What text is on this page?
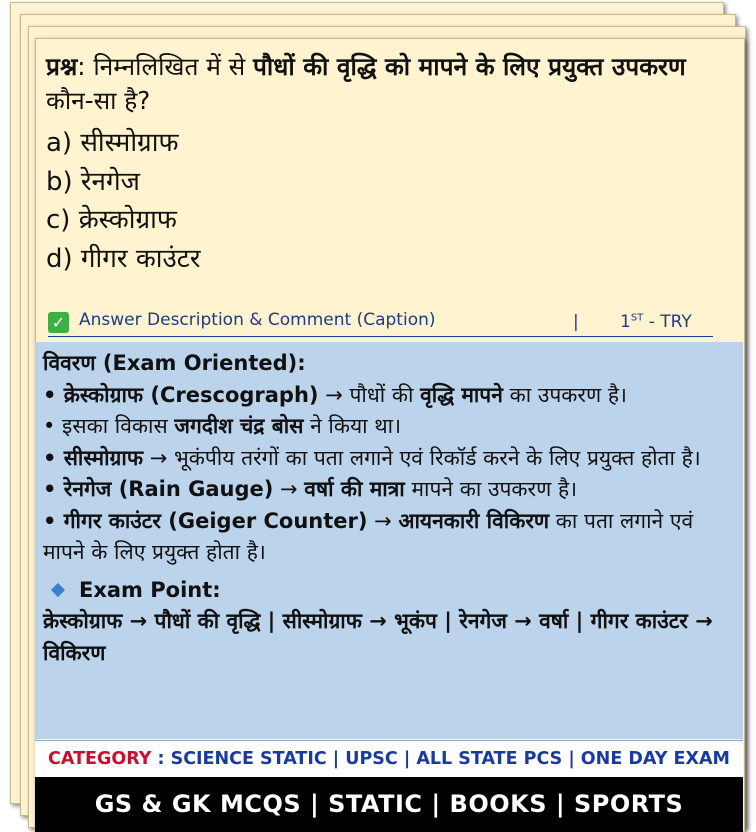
प्रश्न: निम्नलिखित में से पौधों की वृद्धि को मापने के लिए प्रयुक्त उपकरण कौन-सा है?
a) सीस्मोग्राफ
b) रेनगेज
c) क्रेस्कोग्राफ
d) गीगर काउंटर
✓ Answer Description & Comment (Caption)	| 1ST - TRY

विवरण (Exam Oriented):

• क्रेस्कोग्राफ (Crescograph) → पौधों की वृद्धि मापने का उपकरण है।

• इसका विकास जगदीश चंद्र बोस ने किया था।

• सीस्मोग्राफ → भूकंपीय तरंगों का पता लगाने एवं रिकॉर्ड करने के लिए प्रयुक्त होता है।

• रेनगेज (Rain Gauge) → वर्षा की मात्रा मापने का उपकरण है।

• गीगर काउंटर (Geiger Counter) → आयनकारी विकिरण का पता लगाने एवं मापने के लिए प्रयुक्त होता है।

Exam Point:

क्रेस्कोग्राफ → पौधों की वृद्धि | सीस्मोग्राफ → भूकंप | रेनगेज → वर्षा | गीगर काउंटर → विकिरण

CATEGORY : SCIENCE STATIC | UPSC | ALL STATE PCS | ONE DAY EXAM
GS & GK MCQS | STATIC | BOOKS | SPORTS
